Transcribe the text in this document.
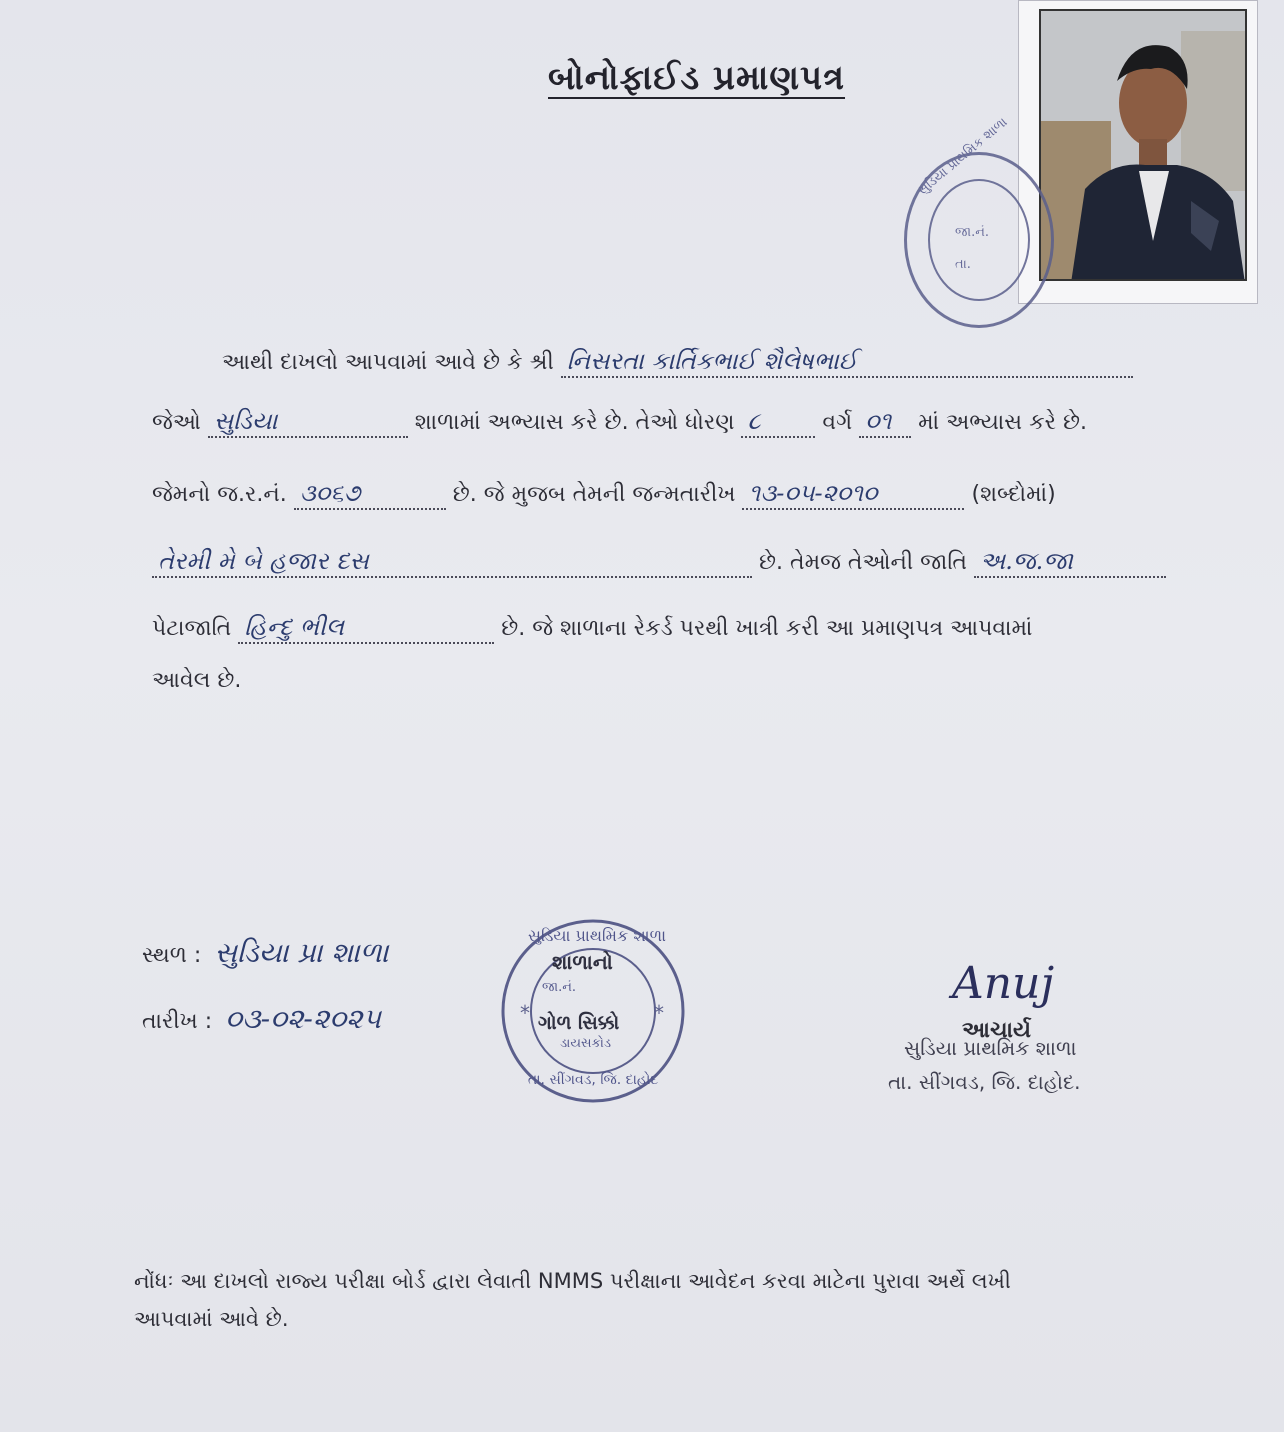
બોનોફાઈડ પ્રમાણપત્ર
સુડિયા પ્રાથમિક શાળા
જા.નં.
તા.
આથી દાખલો આપવામાં આવે છે કે શ્રી નિસરતા કાર્તિકભાઈ શૈલેષભાઈ
જેઓ સુડિયા	શાળામાં અભ્યાસ કરે છે. તેઓ ધોરણ ૮	વર્ગ ૦૧ માં અભ્યાસ કરે છે.
જેમનો જ.ર.નં. ૩૦૬૭	છે. જે મુજબ તેમની જન્મતારીખ ૧૩-૦૫-૨૦૧૦	(શબ્દોમાં)
તેરમી મે બે હજાર દસ	છે. તેમજ તેઓની જાતિ અ.જ.જા
પેટાજાતિ હિન્દુ ભીલ	છે. જે શાળાના રેકર્ડ પરથી ખાત્રી કરી આ પ્રમાણપત્ર આપવામાં
આવેલ છે.
સ્થળ : સુડિયા પ્રા શાળા
તારીખ : ૦૩-૦૨-૨૦૨૫	*	*
સુડિયા પ્રાથમિક શાળા
શાળાનો
જા.નં.
ગોળ સિક્કો
ડાયસકોડ
તા. સીંગવડ, જિ. દાહોદ
Anuj
આચાર્ય
સુડિયા પ્રાથમિક શાળા
તા. સીંગવડ, જિ. દાહોદ.
નોંધઃ આ દાખલો રાજ્ય પરીક્ષા બોર્ડ દ્વારા લેવાતી NMMS પરીક્ષાના આવેદન કરવા માટેના પુરાવા અર્થે લખી
આપવામાં આવે છે.
